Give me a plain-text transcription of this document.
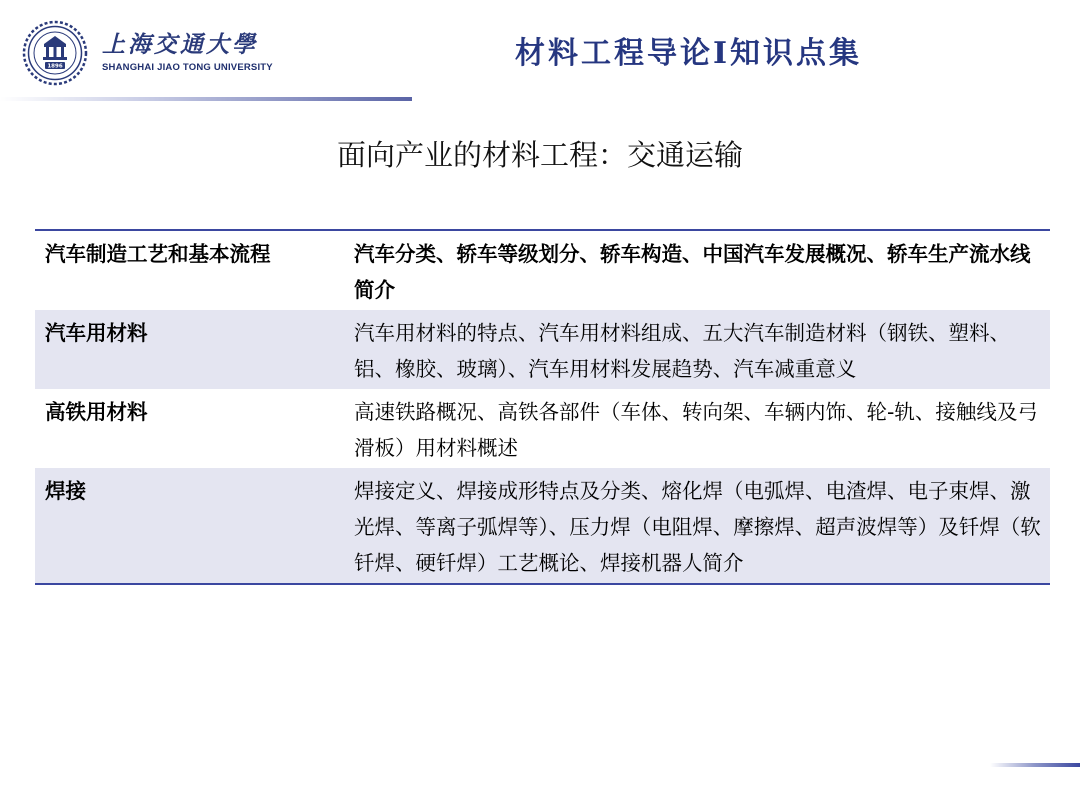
1896
上海交通大學
SHANGHAI JIAO TONG UNIVERSITY	材料工程导论I知识点集
面向产业的材料工程：交通运输
汽车制造工艺和基本流程	汽车分类、轿车等级划分、轿车构造、中国汽车发展概况、轿车生产流水线简介
汽车用材料	汽车用材料的特点、汽车用材料组成、五大汽车制造材料（钢铁、塑料、铝、橡胶、玻璃）、汽车用材料发展趋势、汽车减重意义
高铁用材料	高速铁路概况、高铁各部件（车体、转向架、车辆内饰、轮-轨、接触线及弓滑板）用材料概述
焊接	焊接定义、焊接成形特点及分类、熔化焊（电弧焊、电渣焊、电子束焊、激光焊、等离子弧焊等）、压力焊（电阻焊、摩擦焊、超声波焊等）及钎焊（软钎焊、硬钎焊）工艺概论、焊接机器人简介
